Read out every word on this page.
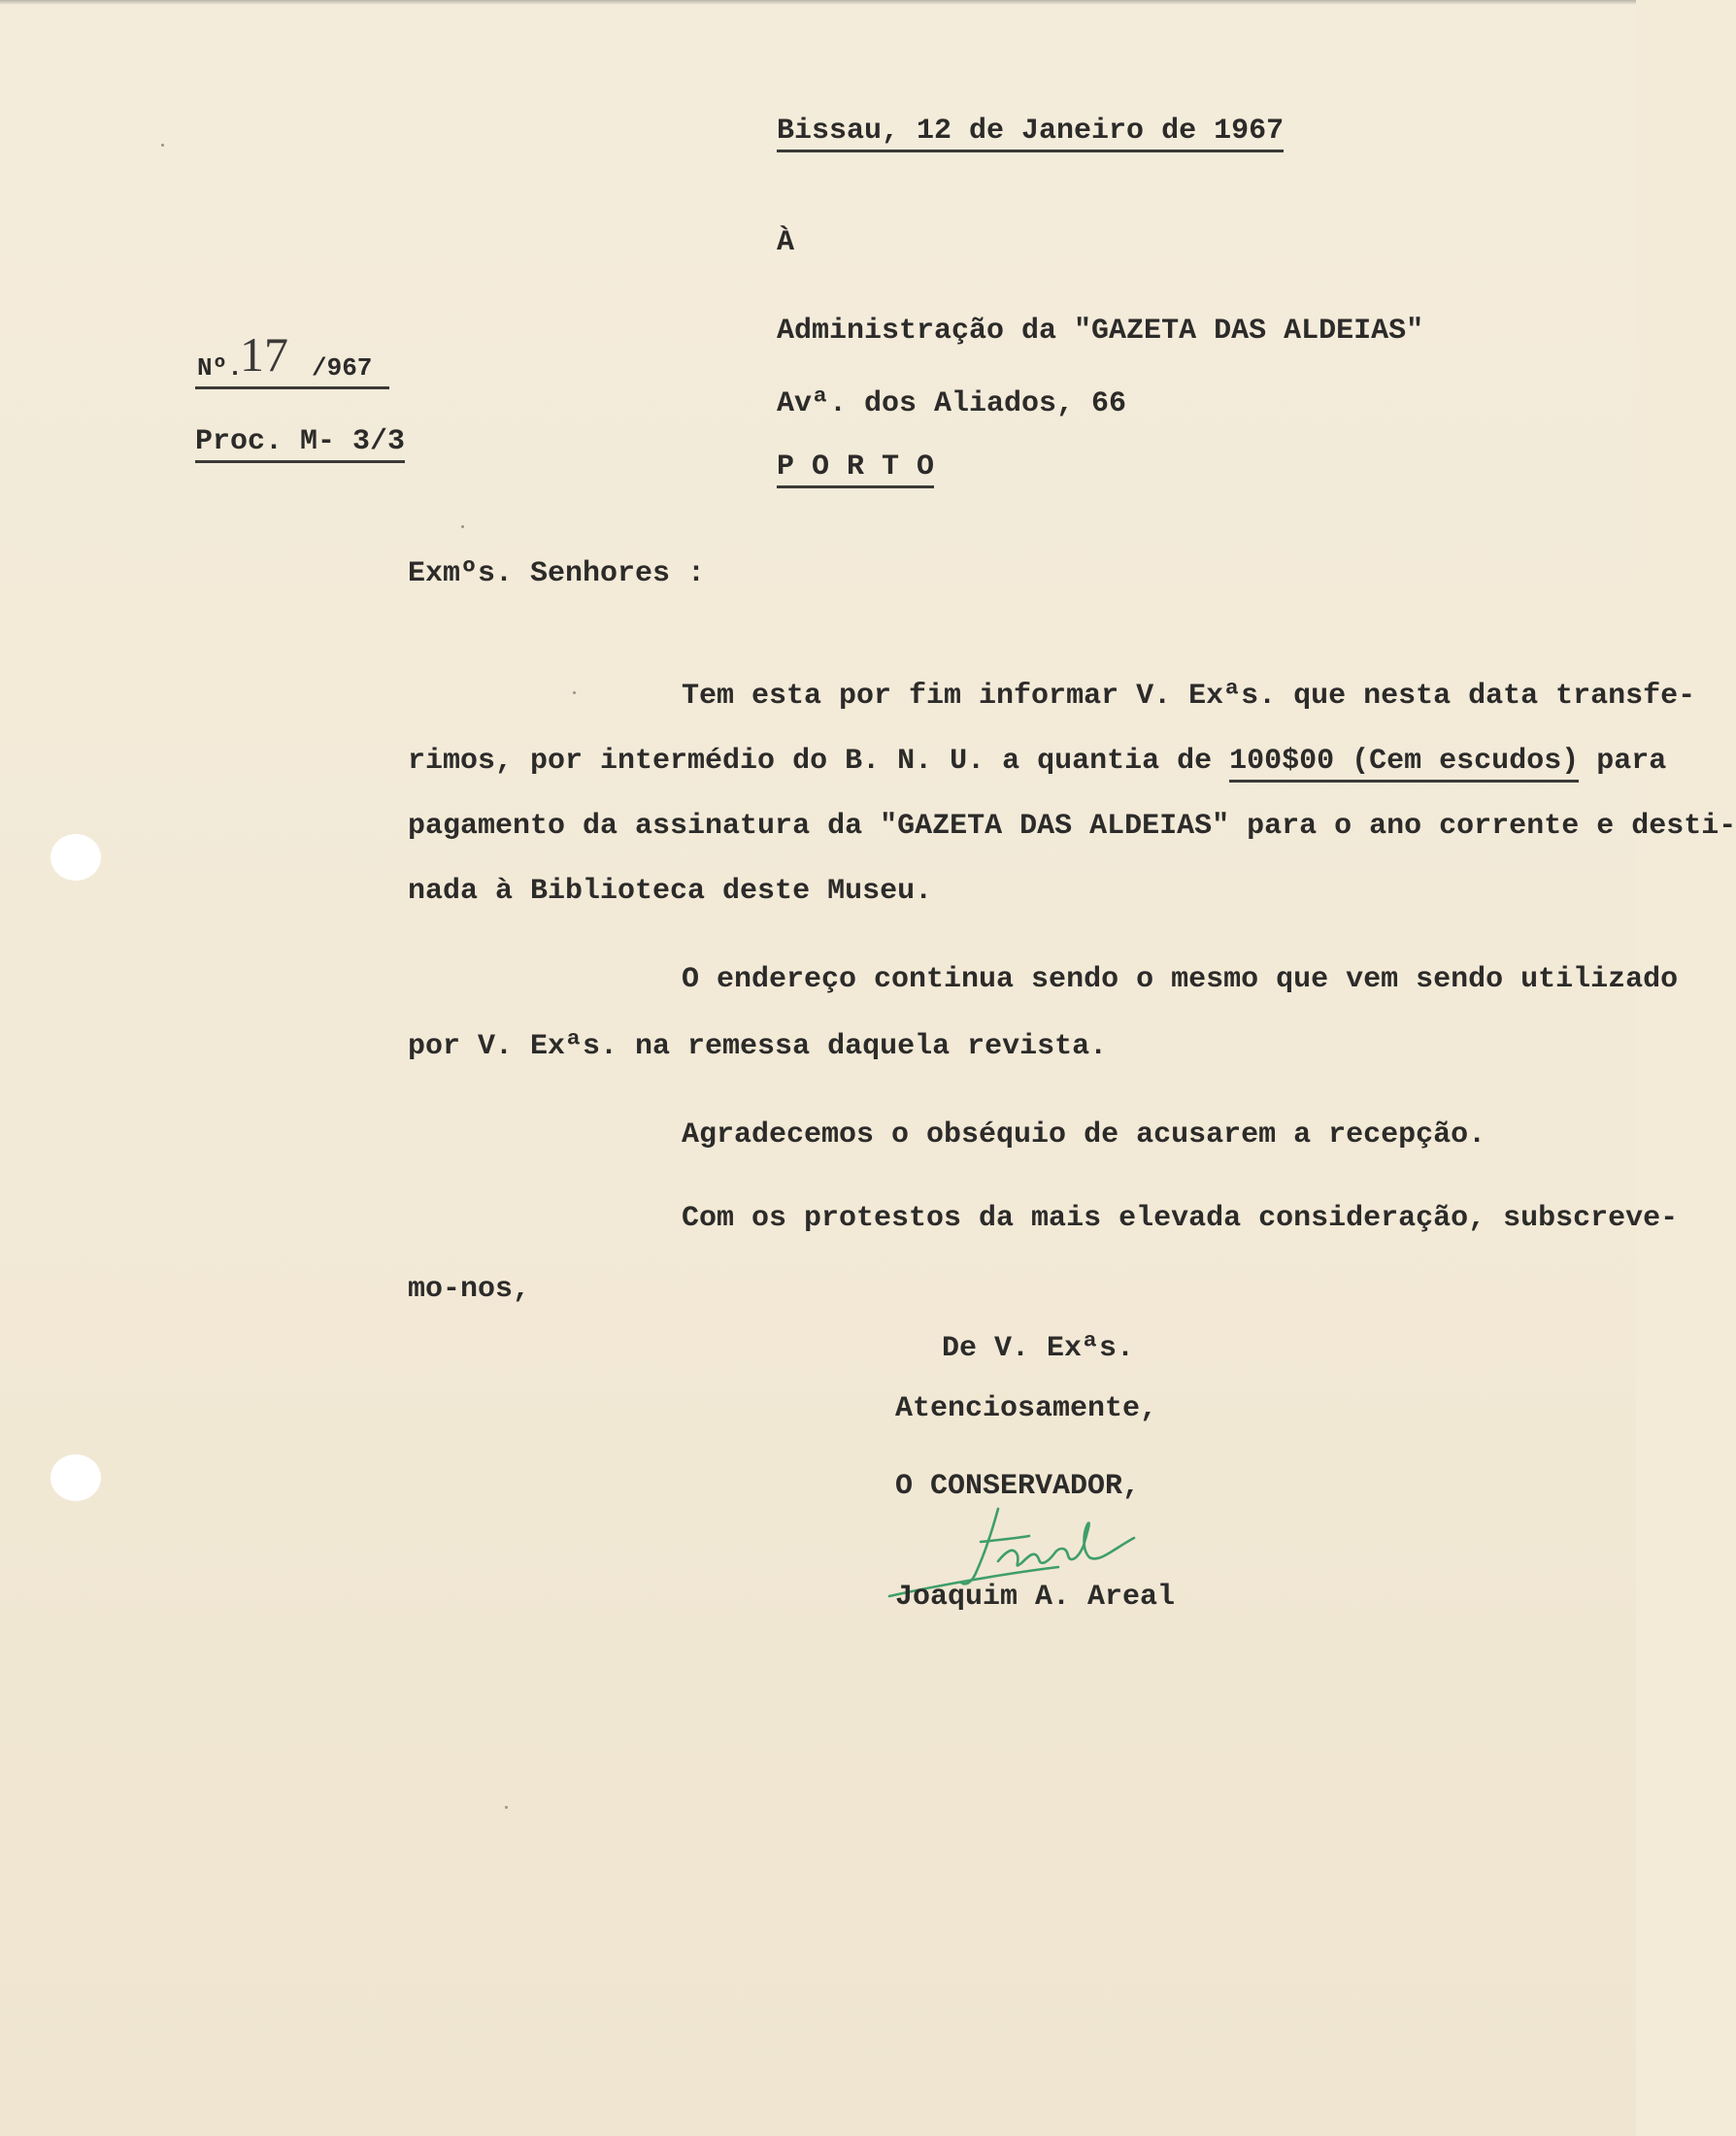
Bissau, 12 de Janeiro de 1967
À
Administração da "GAZETA DAS ALDEIAS"
Avª. dos Aliados, 66
P O R T O

Nº.

17

/967

Proc. M- 3/3
Exmºs. Senhores :
Tem esta por fim informar V. Exªs. que nesta data transfe-
rimos, por intermédio do B. N. U. a quantia de 100$00 (Cem escudos) para
pagamento da assinatura da "GAZETA DAS ALDEIAS" para o ano corrente e desti-
nada à Biblioteca deste Museu.
O endereço continua sendo o mesmo que vem sendo utilizado
por V. Exªs. na remessa daquela revista.
Agradecemos o obséquio de acusarem a recepção.
Com os protestos da mais elevada consideração, subscreve-
mo-nos,
De V. Exªs.
Atenciosamente,
O CONSERVADOR,
Joaquim A. Areal
